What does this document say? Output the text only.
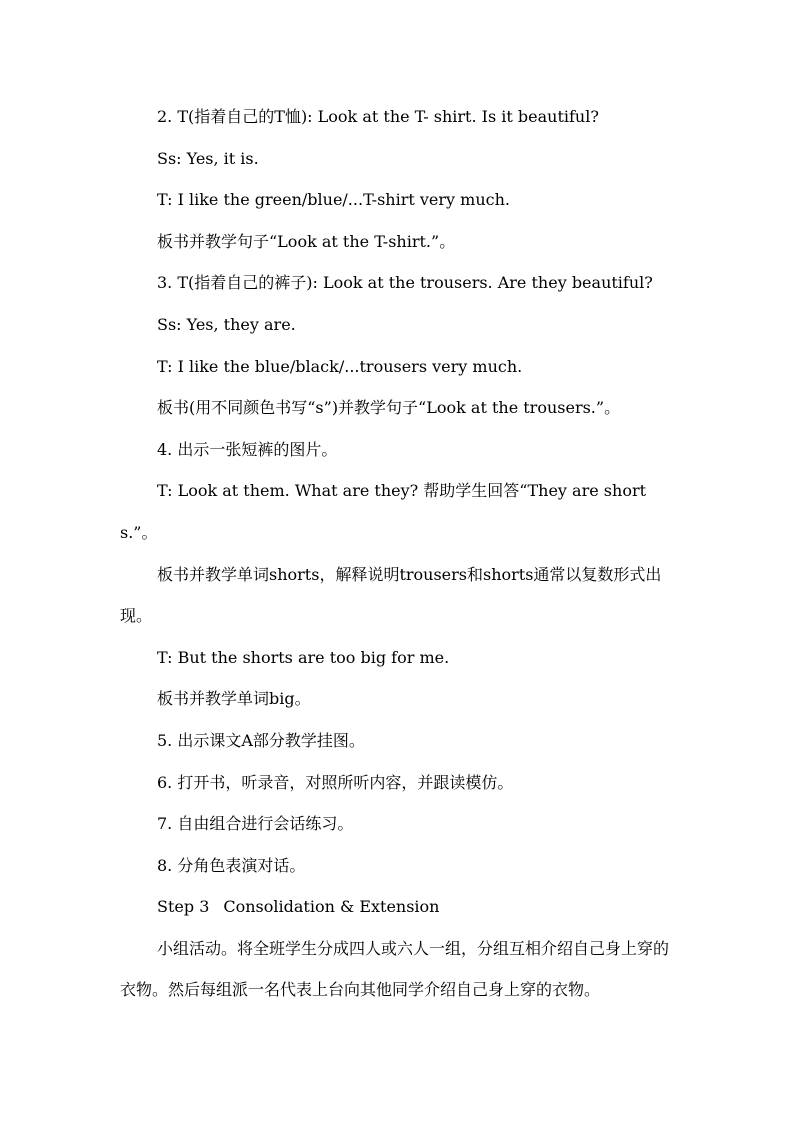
2. T(指着自己的T恤): Look at the T- shirt. Is it beautiful?

Ss: Yes, it is.

T: I like the green/blue/...T-shirt very much.

板书并教学句子“Look at the T-shirt.”。

3. T(指着自己的裤子): Look at the trousers. Are they beautiful?

Ss: Yes, they are.

T: I like the blue/black/...trousers very much.

板书(用不同颜色书写“s”)并教学句子“Look at the trousers.”。

4. 出示一张短裤的图片。

T: Look at them. What are they? 帮助学生回答“They are shorts.”。

板书并教学单词shorts，解释说明trousers和shorts通常以复数形式出现。

T: But the shorts are too big for me.

板书并教学单词big。

5. 出示课文A部分教学挂图。

6. 打开书，听录音，对照所听内容，并跟读模仿。

7. 自由组合进行会话练习。

8. 分角色表演对话。

Step 3 Consolidation & Extension

小组活动。将全班学生分成四人或六人一组，分组互相介绍自己身上穿的衣物。然后每组派一名代表上台向其他同学介绍自己身上穿的衣物。
